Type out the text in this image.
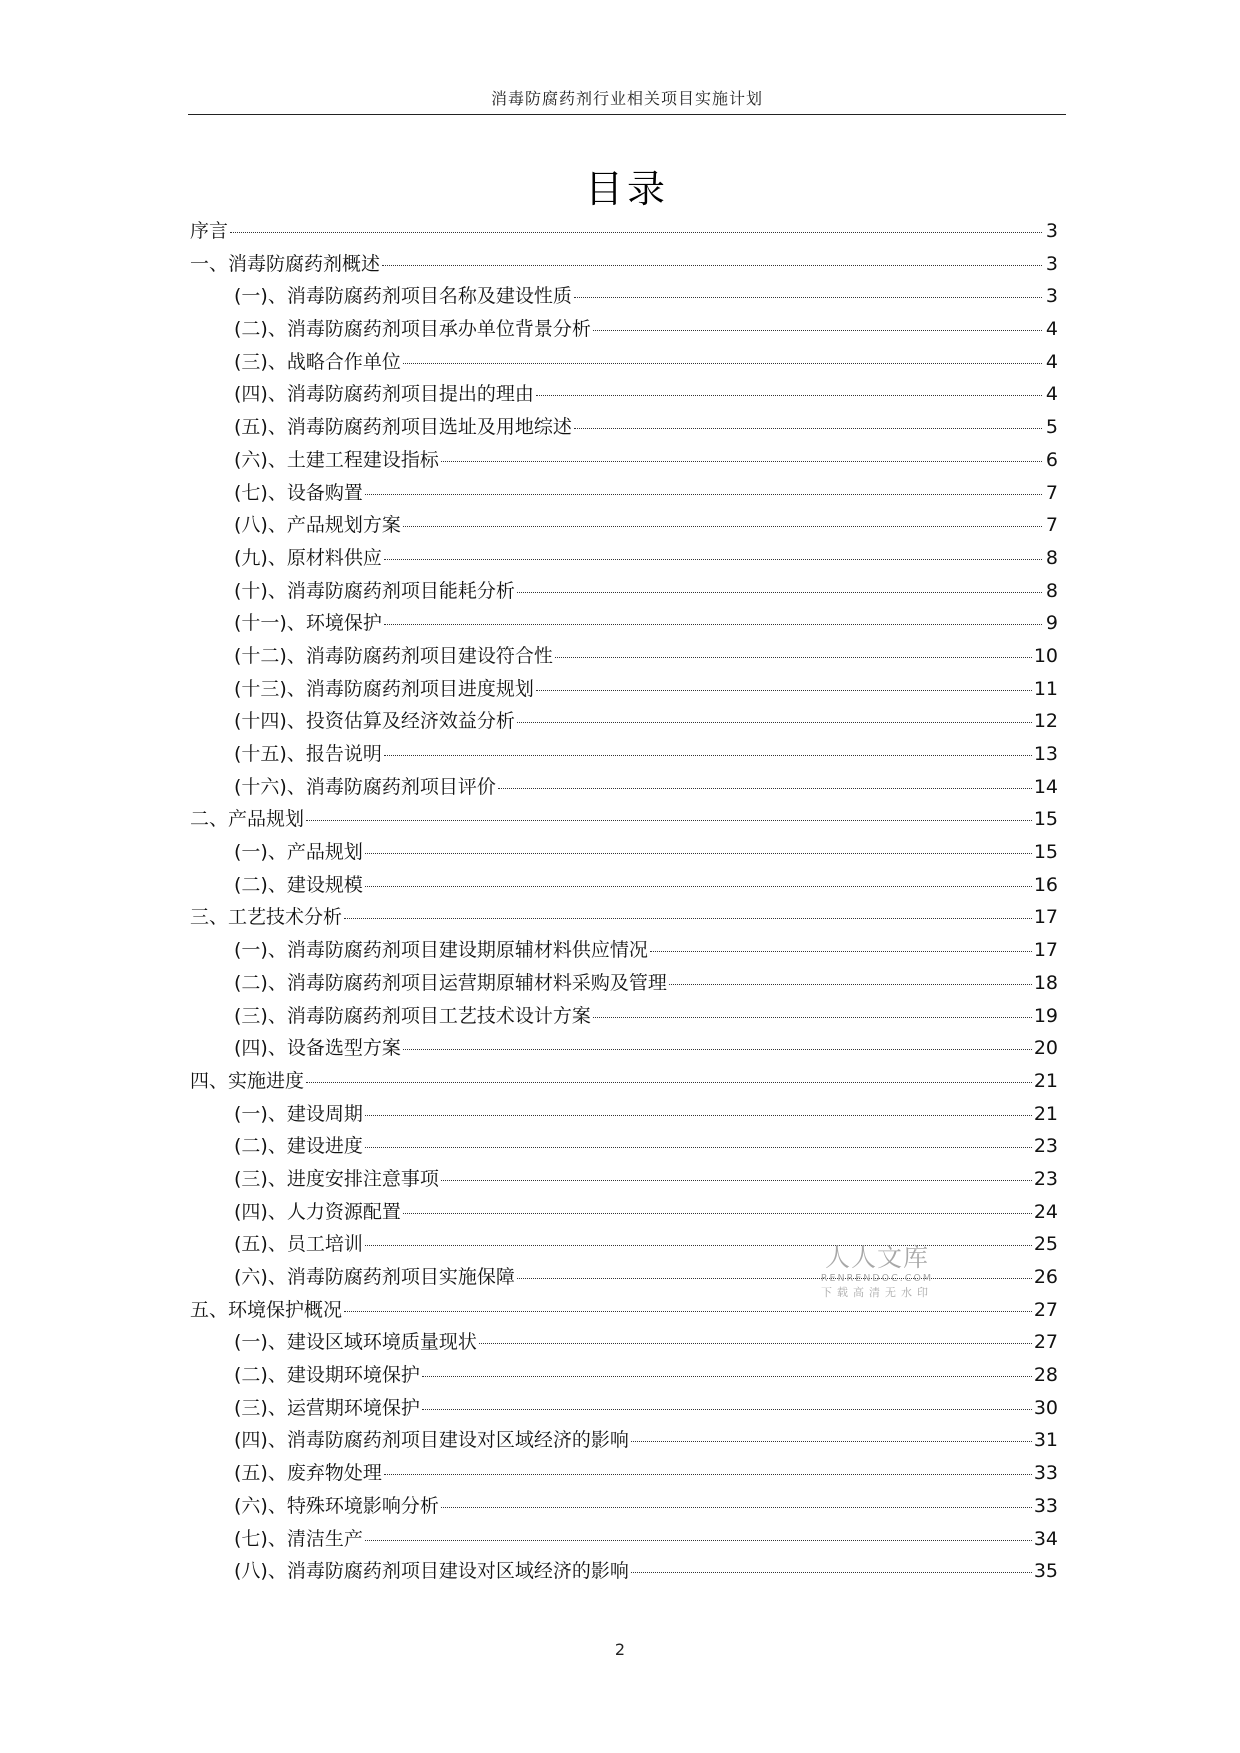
消毒防腐药剂行业相关项目实施计划
目录
序言	3
一、消毒防腐药剂概述	3
(一)、消毒防腐药剂项目名称及建设性质	3
(二)、消毒防腐药剂项目承办单位背景分析	4
(三)、战略合作单位	4
(四)、消毒防腐药剂项目提出的理由	4
(五)、消毒防腐药剂项目选址及用地综述	5
(六)、土建工程建设指标	6
(七)、设备购置	7
(八)、产品规划方案	7
(九)、原材料供应	8
(十)、消毒防腐药剂项目能耗分析	8
(十一)、环境保护	9
(十二)、消毒防腐药剂项目建设符合性	10
(十三)、消毒防腐药剂项目进度规划	11
(十四)、投资估算及经济效益分析	12
(十五)、报告说明	13
(十六)、消毒防腐药剂项目评价	14
二、产品规划	15
(一)、产品规划	15
(二)、建设规模	16
三、工艺技术分析	17
(一)、消毒防腐药剂项目建设期原辅材料供应情况	17
(二)、消毒防腐药剂项目运营期原辅材料采购及管理	18
(三)、消毒防腐药剂项目工艺技术设计方案	19
(四)、设备选型方案	20
四、实施进度	21
(一)、建设周期	21
(二)、建设进度	23
(三)、进度安排注意事项	23
(四)、人力资源配置	24
(五)、员工培训	25
(六)、消毒防腐药剂项目实施保障	26
五、环境保护概况	27
(一)、建设区域环境质量现状	27
(二)、建设期环境保护	28
(三)、运营期环境保护	30
(四)、消毒防腐药剂项目建设对区域经济的影响	31
(五)、废弃物处理	33
(六)、特殊环境影响分析	33
(七)、清洁生产	34
(八)、消毒防腐药剂项目建设对区域经济的影响	35
人人文库
RENRENDOC.COM
下载高清无水印
2
